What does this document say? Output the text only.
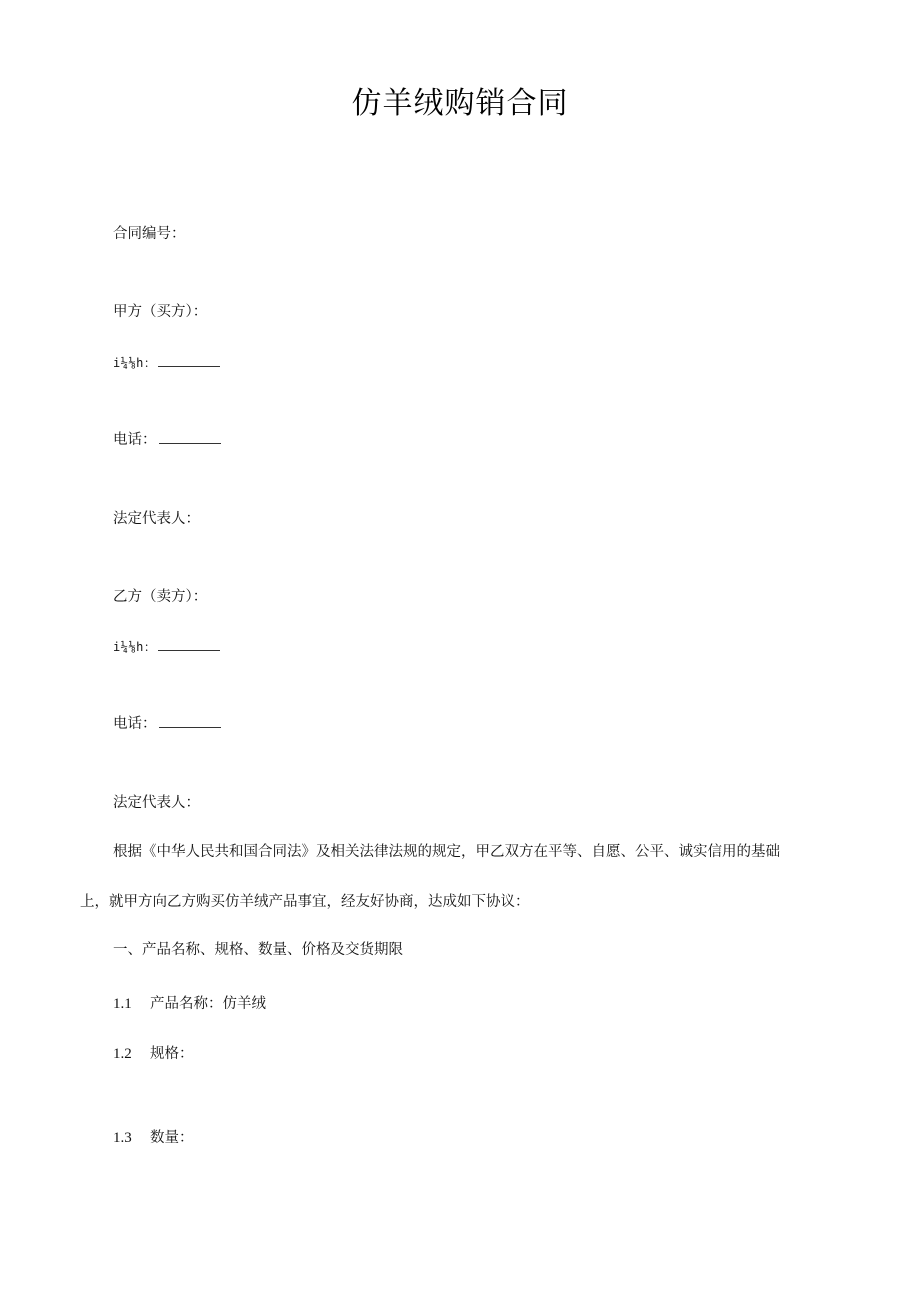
仿羊绒购销合同
合同编号：
甲方（买方）：
i¼⅛h：
电话：
法定代表人：
乙方（卖方）：
i¼⅛h：
电话：
法定代表人：
根据《中华人民共和国合同法》及相关法律法规的规定，甲乙双方在平等、自愿、公平、诚实信用的基础
上，就甲方向乙方购买仿羊绒产品事宜，经友好协商，达成如下协议：
一、产品名称、规格、数量、价格及交货期限
1.1 产品名称：仿羊绒
1.2 规格：
1.3 数量：
